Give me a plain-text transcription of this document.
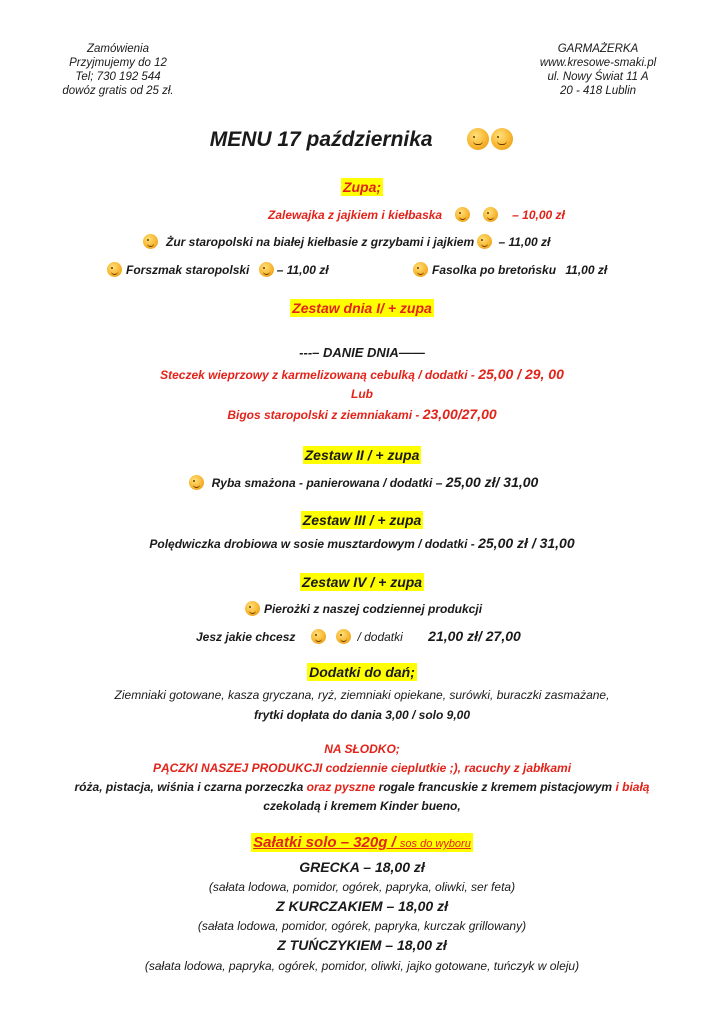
Zamówienia
Przyjmujemy do 12
Tel; 730 192 544
dowóz gratis od 25 zł.
GARMAŻERKA
www.kresowe-smaki.pl
ul. Nowy Świat 11 A
20 - 418 Lublin
MENU 17 października
Zupa;
Zalewajka z jajkiem i kiełbaska	– 10,00 zł
Żur staropolski na białej kiełbasie z grzybami i jajkiem – 11,00 zł
Forszmak staropolski – 11,00 zł	Fasolka po bretońsku 11,00 zł
Zestaw dnia I/ + zupa
---– DANIE DNIA——
Steczek wieprzowy z karmelizowaną cebulką / dodatki - 25,00 / 29, 00
Lub
Bigos staropolski z ziemniakami - 23,00/27,00
Zestaw II / + zupa
Ryba smażona - panierowana / dodatki – 25,00 zł/ 31,00
Zestaw III / + zupa
Polędwiczka drobiowa w sosie musztardowym / dodatki - 25,00 zł / 31,00
Zestaw IV / + zupa
Pierożki z naszej codziennej produkcji
Jesz jakie chcesz	/ dodatki 21,00 zł/ 27,00
Dodatki do dań;
Ziemniaki gotowane, kasza gryczana, ryż, ziemniaki opiekane, surówki, buraczki zasmażane,
frytki dopłata do dania 3,00 / solo 9,00
NA SŁODKO;
PĄCZKI NASZEJ PRODUKCJI codziennie cieplutkie ;), racuchy z jabłkami
róża, pistacja, wiśnia i czarna porzeczka oraz pyszne rogale francuskie z kremem pistacjowym i białą
czekoladą i kremem Kinder bueno,
Sałatki solo – 320g / sos do wyboru
GRECKA – 18,00 zł
(sałata lodowa, pomidor, ogórek, papryka, oliwki, ser feta)
Z KURCZAKIEM – 18,00 zł
(sałata lodowa, pomidor, ogórek, papryka, kurczak grillowany)
Z TUŃCZYKIEM – 18,00 zł
(sałata lodowa, papryka, ogórek, pomidor, oliwki, jajko gotowane, tuńczyk w oleju)
